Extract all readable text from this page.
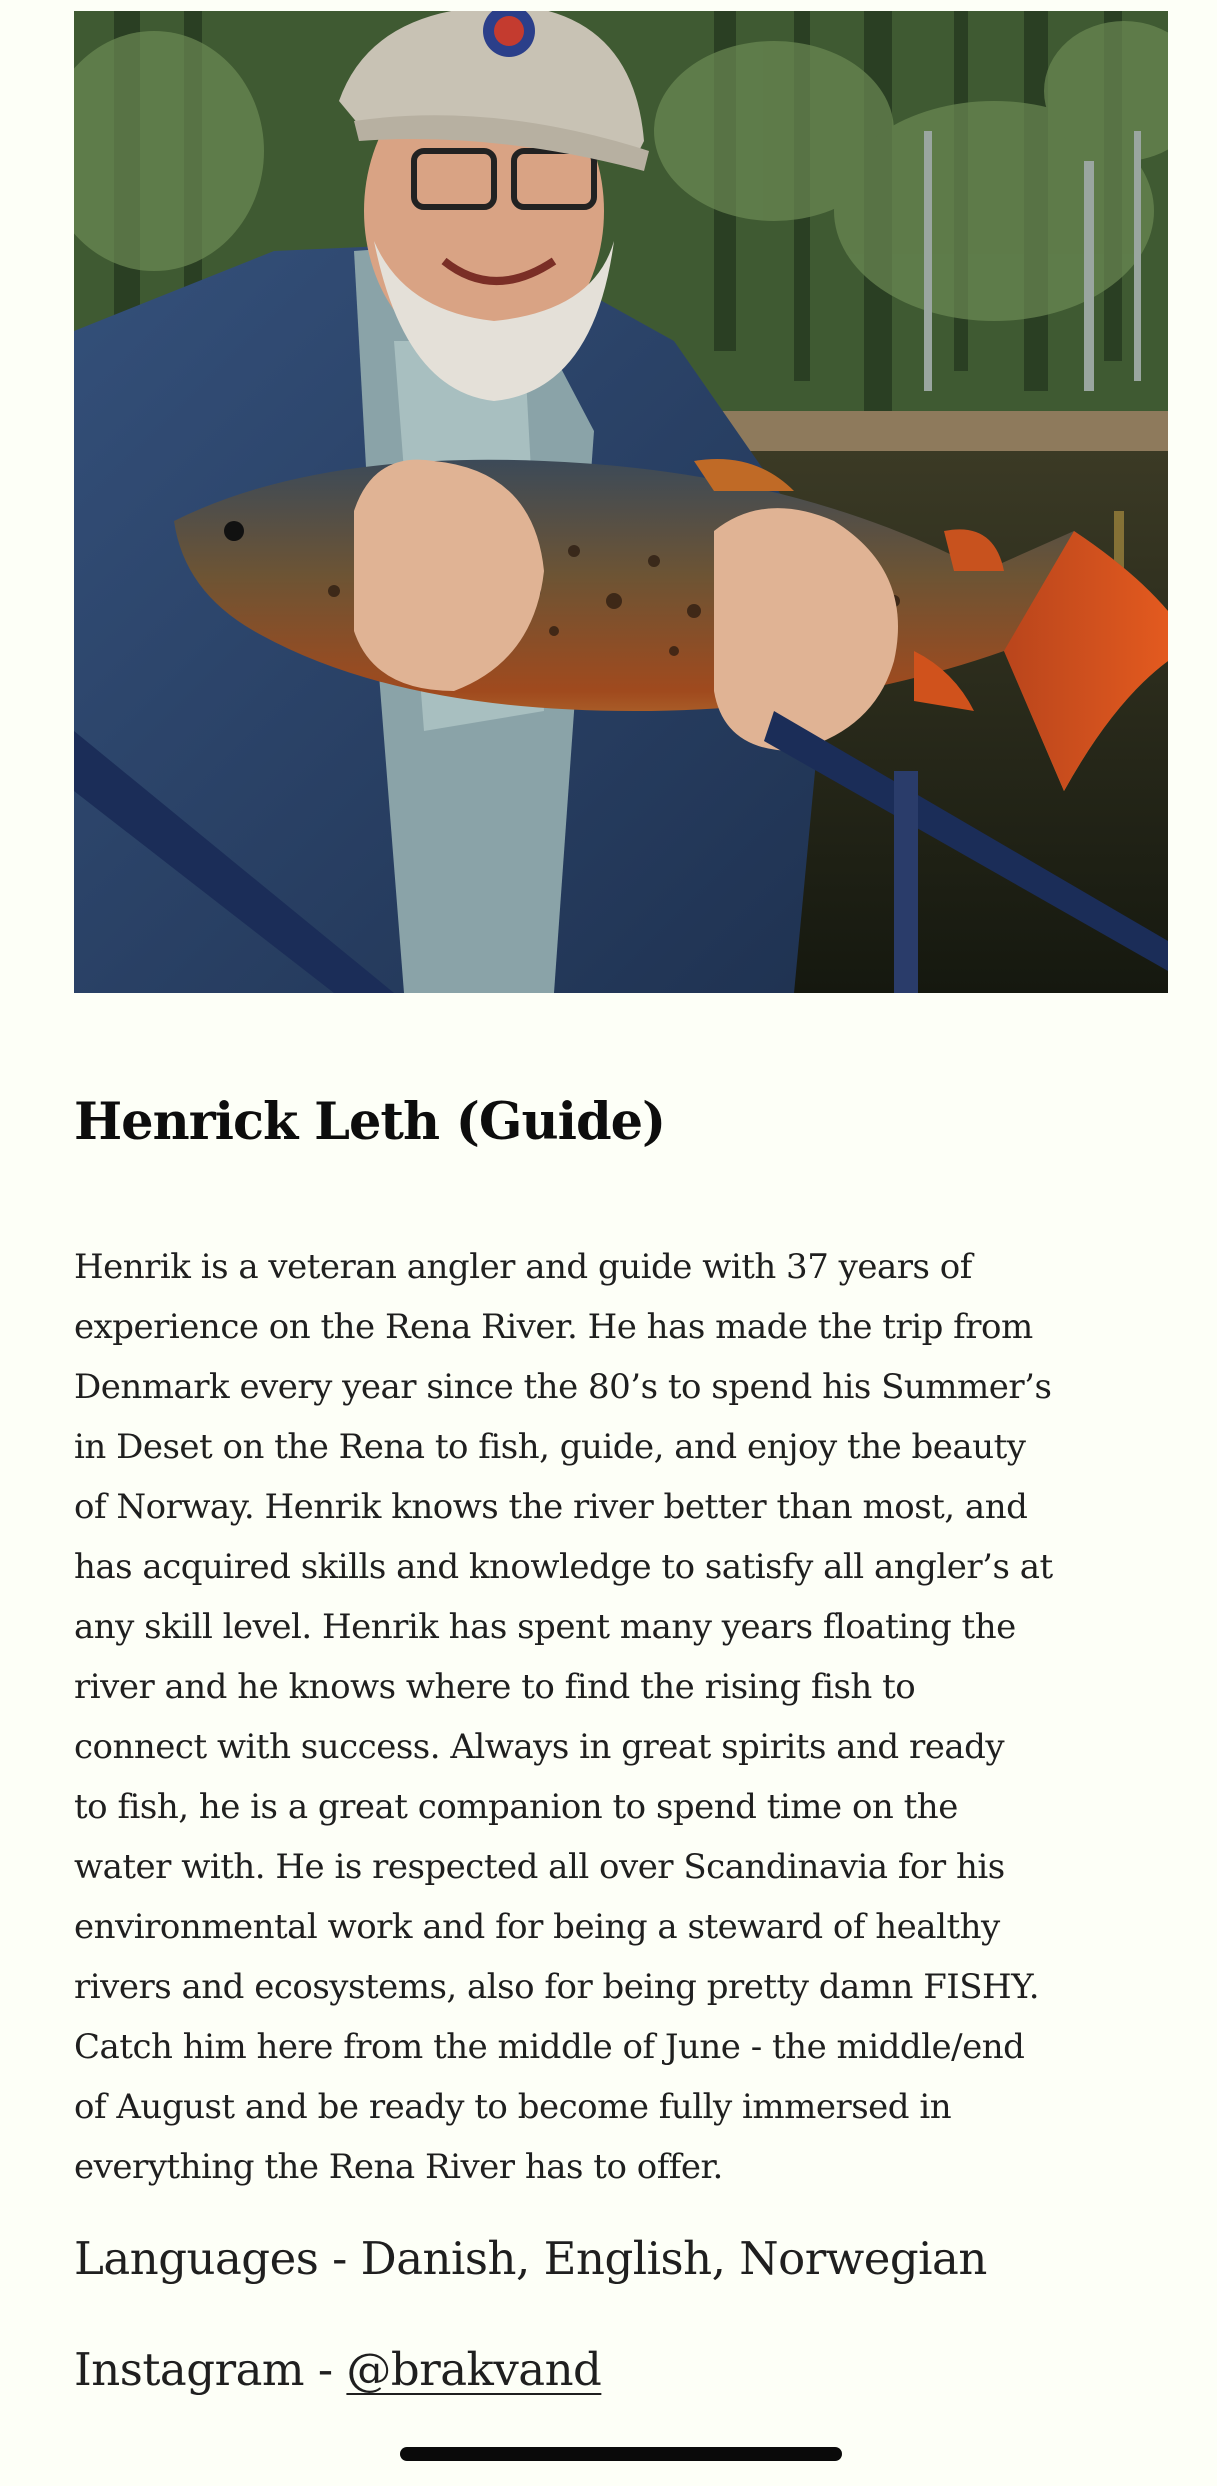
Henrick Leth (Guide)

Henrik is a veteran angler and guide with 37 years of
experience on the Rena River. He has made the trip from
Denmark every year since the 80’s to spend his Summer’s
in Deset on the Rena to fish, guide, and enjoy the beauty
of Norway. Henrik knows the river better than most, and
has acquired skills and knowledge to satisfy all angler’s at
any skill level. Henrik has spent many years floating the
river and he knows where to find the rising fish to
connect with success. Always in great spirits and ready
to fish, he is a great companion to spend time on the
water with. He is respected all over Scandinavia for his
environmental work and for being a steward of healthy
rivers and ecosystems, also for being pretty damn FISHY.
Catch him here from the middle of June - the middle/end
of August and be ready to become fully immersed in
everything the Rena River has to offer.

Languages - Danish, English, Norwegian

Instagram - @brakvand
